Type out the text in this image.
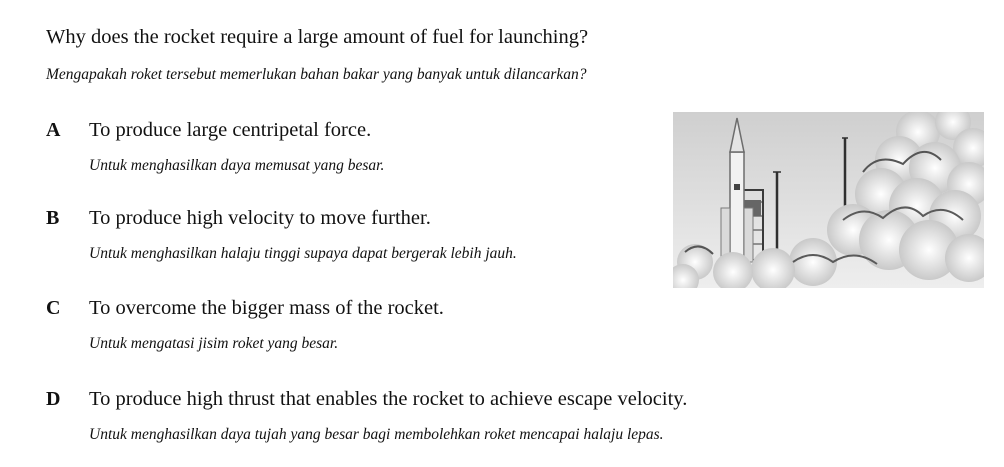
Why does the rocket require a large amount of fuel for launching?
Mengapakah roket tersebut memerlukan bahan bakar yang banyak untuk dilancarkan?
A To produce large centripetal force.
Untuk menghasilkan daya memusat yang besar.
B To produce high velocity to move further.
Untuk menghasilkan halaju tinggi supaya dapat bergerak lebih jauh.
C To overcome the bigger mass of the rocket.
Untuk mengatasi jisim roket yang besar.
D To produce high thrust that enables the rocket to achieve escape velocity.
Untuk menghasilkan daya tujah yang besar bagi membolehkan roket mencapai halaju lepas.
